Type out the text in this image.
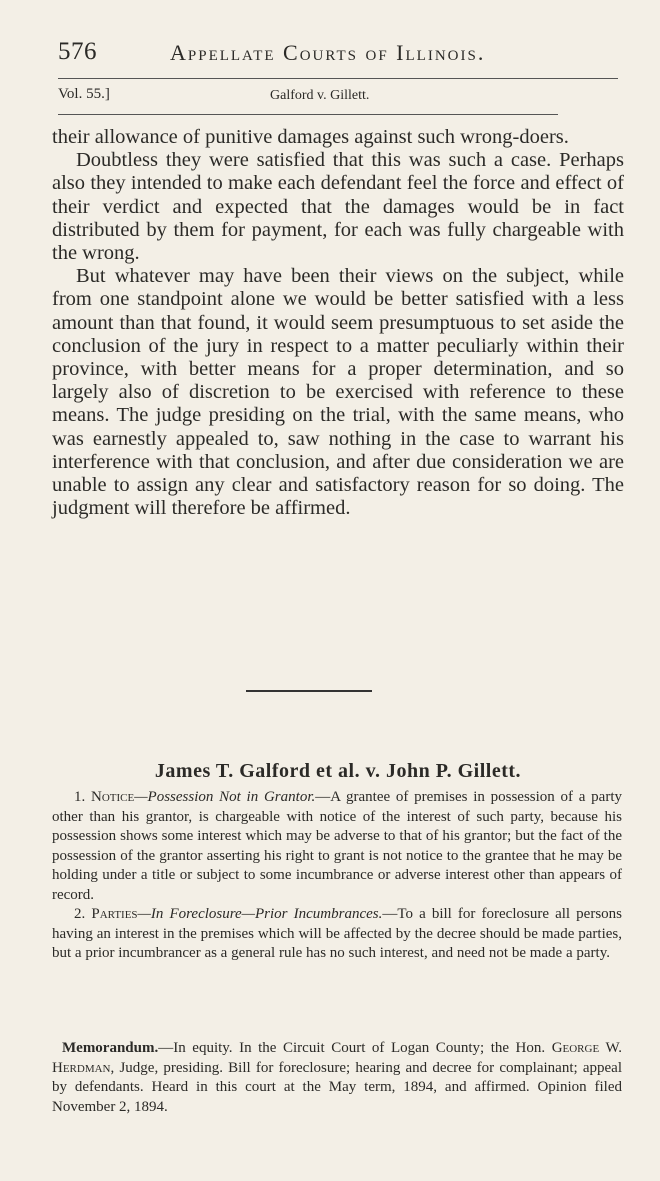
576	Appellate Courts of Illinois.
Vol. 55.]	Galford v. Gillett.

their allowance of punitive damages against such wrong-doers.

Doubtless they were satisfied that this was such a case. Perhaps also they intended to make each defendant feel the force and effect of their verdict and expected that the damages would be in fact distributed by them for payment, for each was fully chargeable with the wrong.

But whatever may have been their views on the subject, while from one standpoint alone we would be better satisfied with a less amount than that found, it would seem presumptuous to set aside the conclusion of the jury in respect to a matter peculiarly within their province, with better means for a proper determination, and so largely also of discretion to be exercised with reference to these means. The judge presiding on the trial, with the same means, who was earnestly appealed to, saw nothing in the case to warrant his interference with that conclusion, and after due consideration we are unable to assign any clear and satisfactory reason for so doing. The judgment will therefore be affirmed.

James T. Galford et al. v. John P. Gillett.

1. Notice—Possession Not in Grantor.—A grantee of premises in possession of a party other than his grantor, is chargeable with notice of the interest of such party, because his possession shows some interest which may be adverse to that of his grantor; but the fact of the possession of the grantor asserting his right to grant is not notice to the grantee that he may be holding under a title or subject to some incumbrance or adverse interest other than appears of record.

2. Parties—In Foreclosure—Prior Incumbrances.—To a bill for foreclosure all persons having an interest in the premises which will be affected by the decree should be made parties, but a prior incumbrancer as a general rule has no such interest, and need not be made a party.

Memorandum.—In equity. In the Circuit Court of Logan County; the Hon. George W. Herdman, Judge, presiding. Bill for foreclosure; hearing and decree for complainant; appeal by defendants. Heard in this court at the May term, 1894, and affirmed. Opinion filed November 2, 1894.
